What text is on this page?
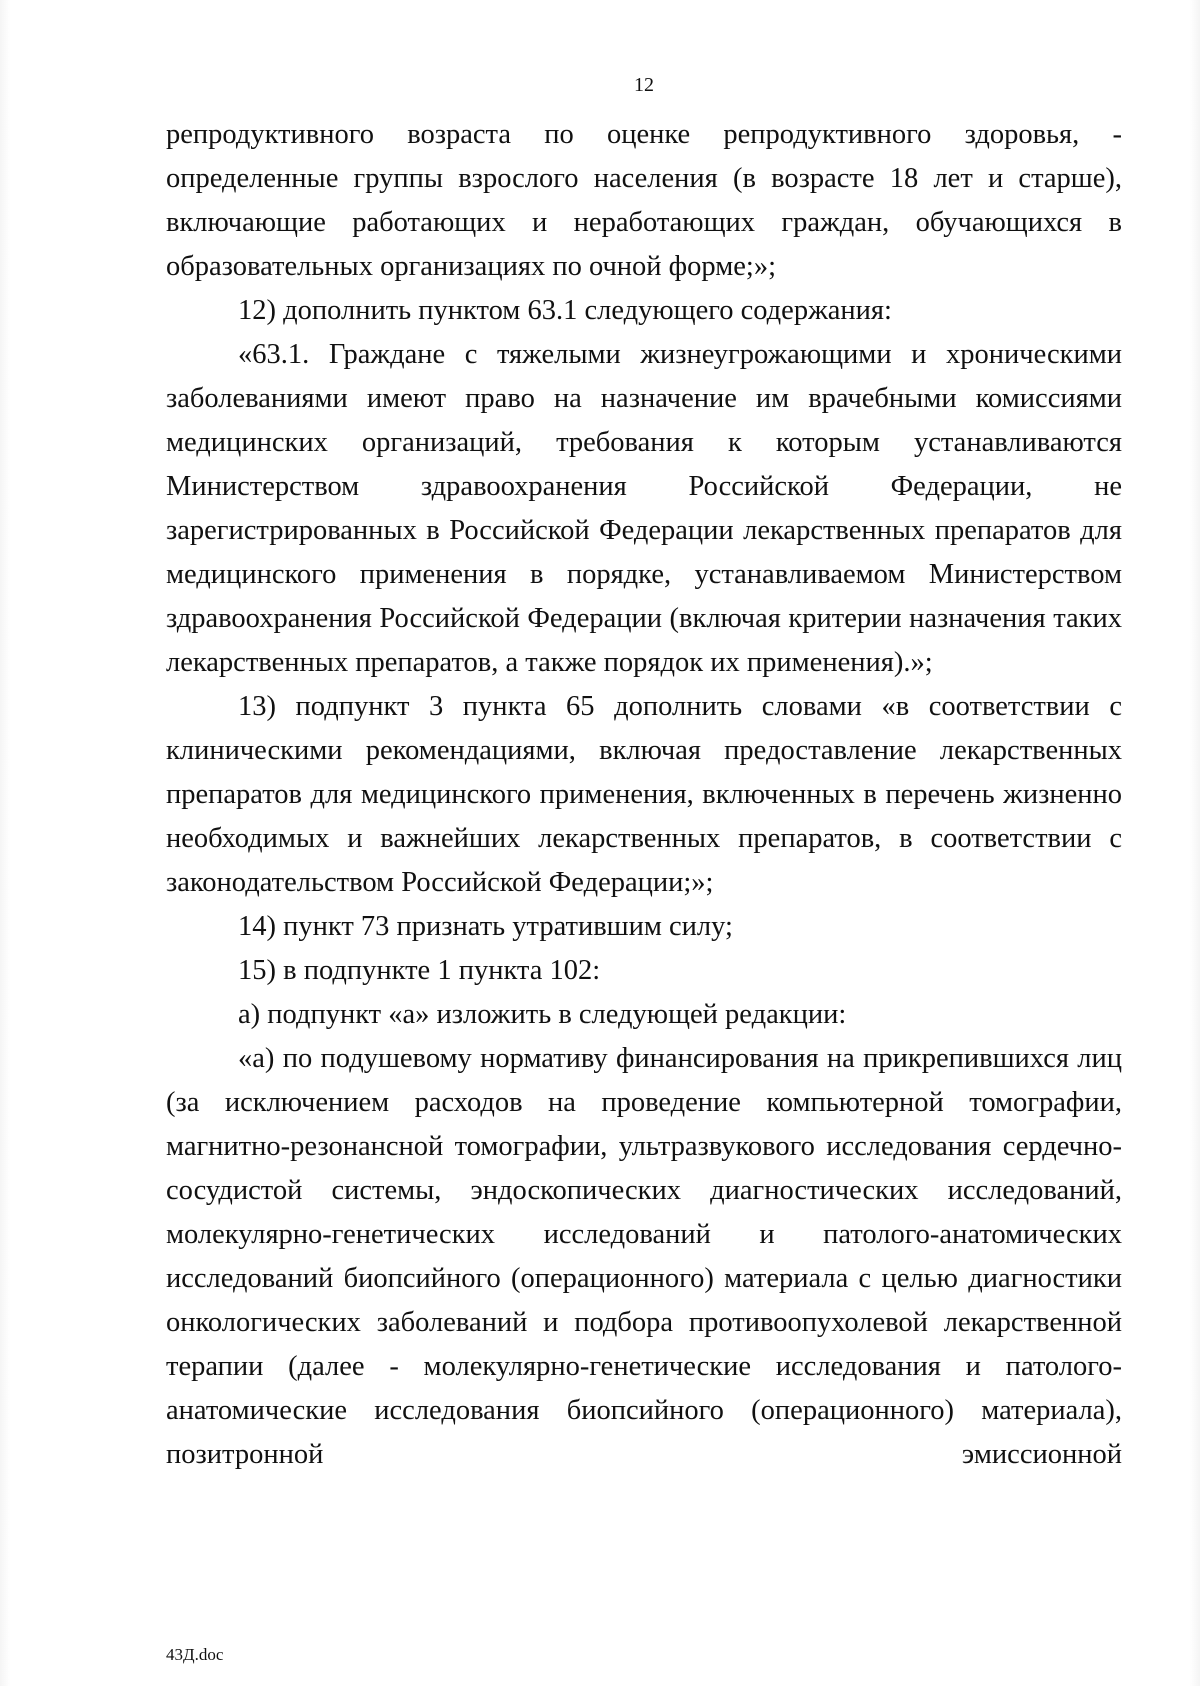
12

репродуктивного возраста по оценке репродуктивного здоровья, - определенные группы взрослого населения (в возрасте 18 лет и старше), включающие работающих и неработающих граждан, обучающихся в образовательных организациях по очной форме;»;

12) дополнить пунктом 63.1 следующего содержания:

«63.1. Граждане с тяжелыми жизнеугрожающими и хроническими заболеваниями имеют право на назначение им врачебными комиссиями медицинских организаций, требования к которым устанавливаются Министерством здравоохранения Российской Федерации, не зарегистрированных в Российской Федерации лекарственных препаратов для медицинского применения в порядке, устанавливаемом Министерством здравоохранения Российской Федерации (включая критерии назначения таких лекарственных препаратов, а также порядок их применения).»;

13) подпункт 3 пункта 65 дополнить словами «в соответствии с клиническими рекомендациями, включая предоставление лекарственных препаратов для медицинского применения, включенных в перечень жизненно необходимых и важнейших лекарственных препаратов, в соответствии с законодательством Российской Федерации;»;

14) пункт 73 признать утратившим силу;

15) в подпункте 1 пункта 102:

а) подпункт «а» изложить в следующей редакции:

«а) по подушевому нормативу финансирования на прикрепившихся лиц (за исключением расходов на проведение компьютерной томографии, магнитно-резонансной томографии, ультразвукового исследования сердечно-сосудистой системы, эндоскопических диагностических исследований, молекулярно-генетических исследований и патолого-анатомических исследований биопсийного (операционного) материала с целью диагностики онкологических заболеваний и подбора противоопухолевой лекарственной терапии (далее - молекулярно-генетические исследования и патолого-анатомические исследования биопсийного (операционного) материала), позитронной эмиссионной

43Д.doc
